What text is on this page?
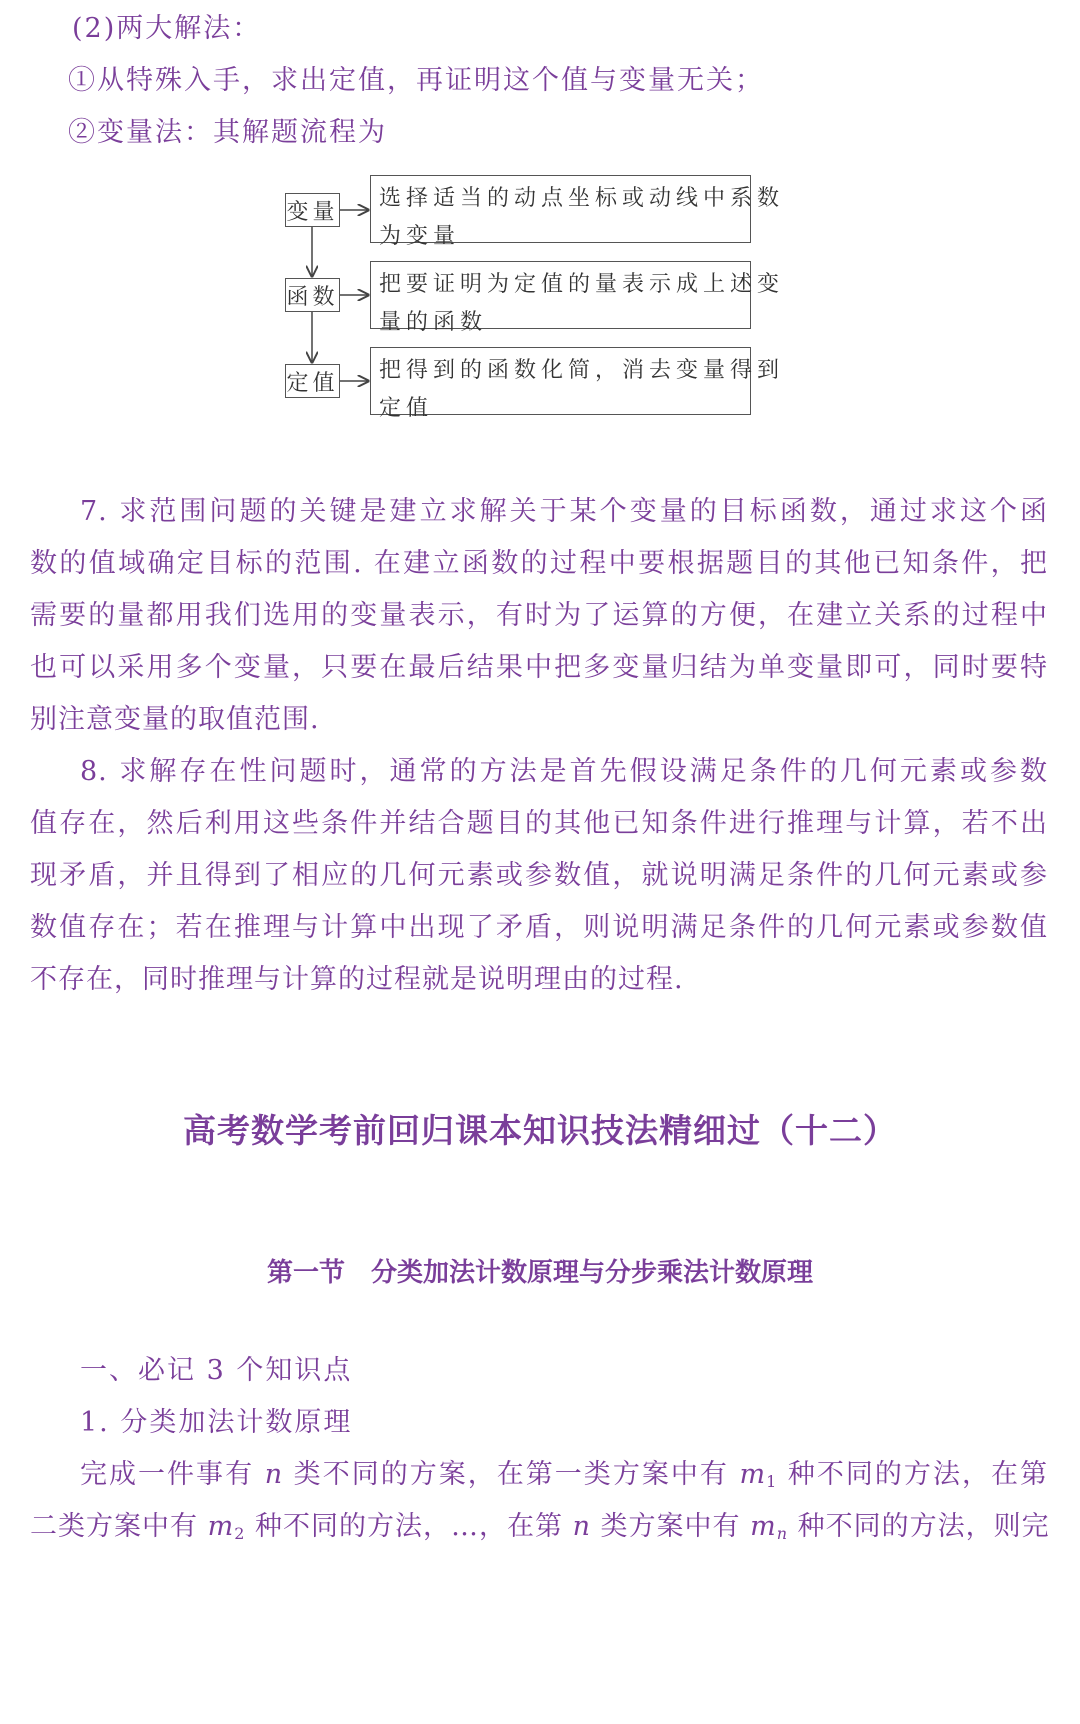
(2)两大解法：
①从特殊入手，求出定值，再证明这个值与变量无关；
②变量法：其解题流程为
变量
选择适当的动点坐标或动线中系数
为变量
函数 把要证明为定值的量表示成上述变
量的函数
定值 把得到的函数化简，消去变量得到
定值
7. 求范围问题的关键是建立求解关于某个变量的目标函数，通过求这个函
数的值域确定目标的范围. 在建立函数的过程中要根据题目的其他已知条件，把
需要的量都用我们选用的变量表示，有时为了运算的方便，在建立关系的过程中
也可以采用多个变量，只要在最后结果中把多变量归结为单变量即可，同时要特
别注意变量的取值范围.
8. 求解存在性问题时，通常的方法是首先假设满足条件的几何元素或参数
值存在，然后利用这些条件并结合题目的其他已知条件进行推理与计算，若不出
现矛盾，并且得到了相应的几何元素或参数值，就说明满足条件的几何元素或参
数值存在；若在推理与计算中出现了矛盾，则说明满足条件的几何元素或参数值
不存在，同时推理与计算的过程就是说明理由的过程.
高考数学考前回归课本知识技法精细过（十二）
第一节　分类加法计数原理与分步乘法计数原理
一、必记 3 个知识点
1. 分类加法计数原理
完成一件事有 n 类不同的方案，在第一类方案中有 $m_1$ 种不同的方法，在第
二类方案中有 $m_2$ 种不同的方法，…，在第 n 类方案中有 $m_n$ 种不同的方法，则完
